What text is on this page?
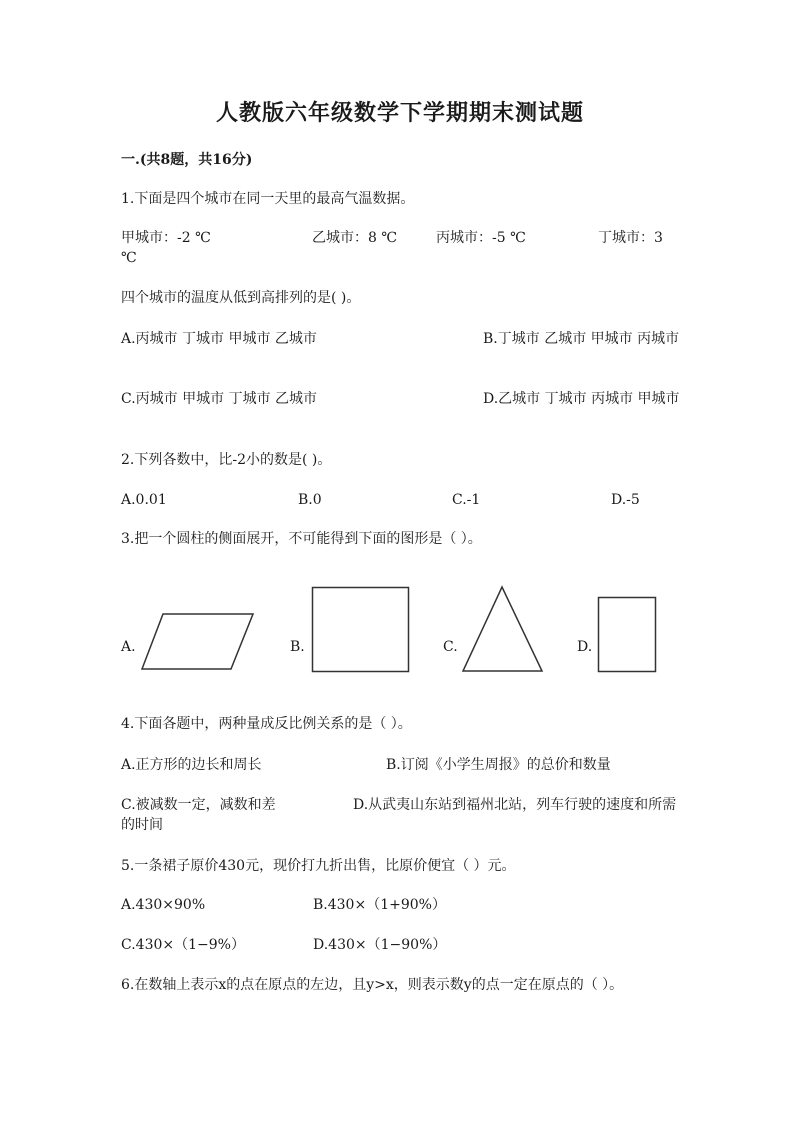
人教版六年级数学下学期期末测试题
一.(共8题，共16分)
1.下面是四个城市在同一天里的最高气温数据。
甲城市：-2 ℃	乙城市：8 ℃	丙城市：-5 ℃	丁城市：3 ℃
四个城市的温度从低到高排列的是( )。
A.丙城市 丁城市 甲城市 乙城市	B.丁城市 乙城市 甲城市 丙城市
C.丙城市 甲城市 丁城市 乙城市	D.乙城市 丁城市 丙城市 甲城市
2.下列各数中，比-2小的数是( )。
A.0.01	B.0	C.-1	D.-5
3.把一个圆柱的侧面展开，不可能得到下面的图形是（ ）。
A.	B.	C.	D.
4.下面各题中，两种量成反比例关系的是（ ）。
A.正方形的边长和周长	B.订阅《小学生周报》的总价和数量
C.被减数一定，减数和差	D.从武夷山东站到福州北站，列车行驶的速度和所需的时间
5.一条裙子原价430元，现价打九折出售，比原价便宜（ ）元。
A.430×90%	B.430×（1+90%）
C.430×（1−9%）	D.430×（1−90%）
6.在数轴上表示x的点在原点的左边，且y>x，则表示数y的点一定在原点的（ ）。
